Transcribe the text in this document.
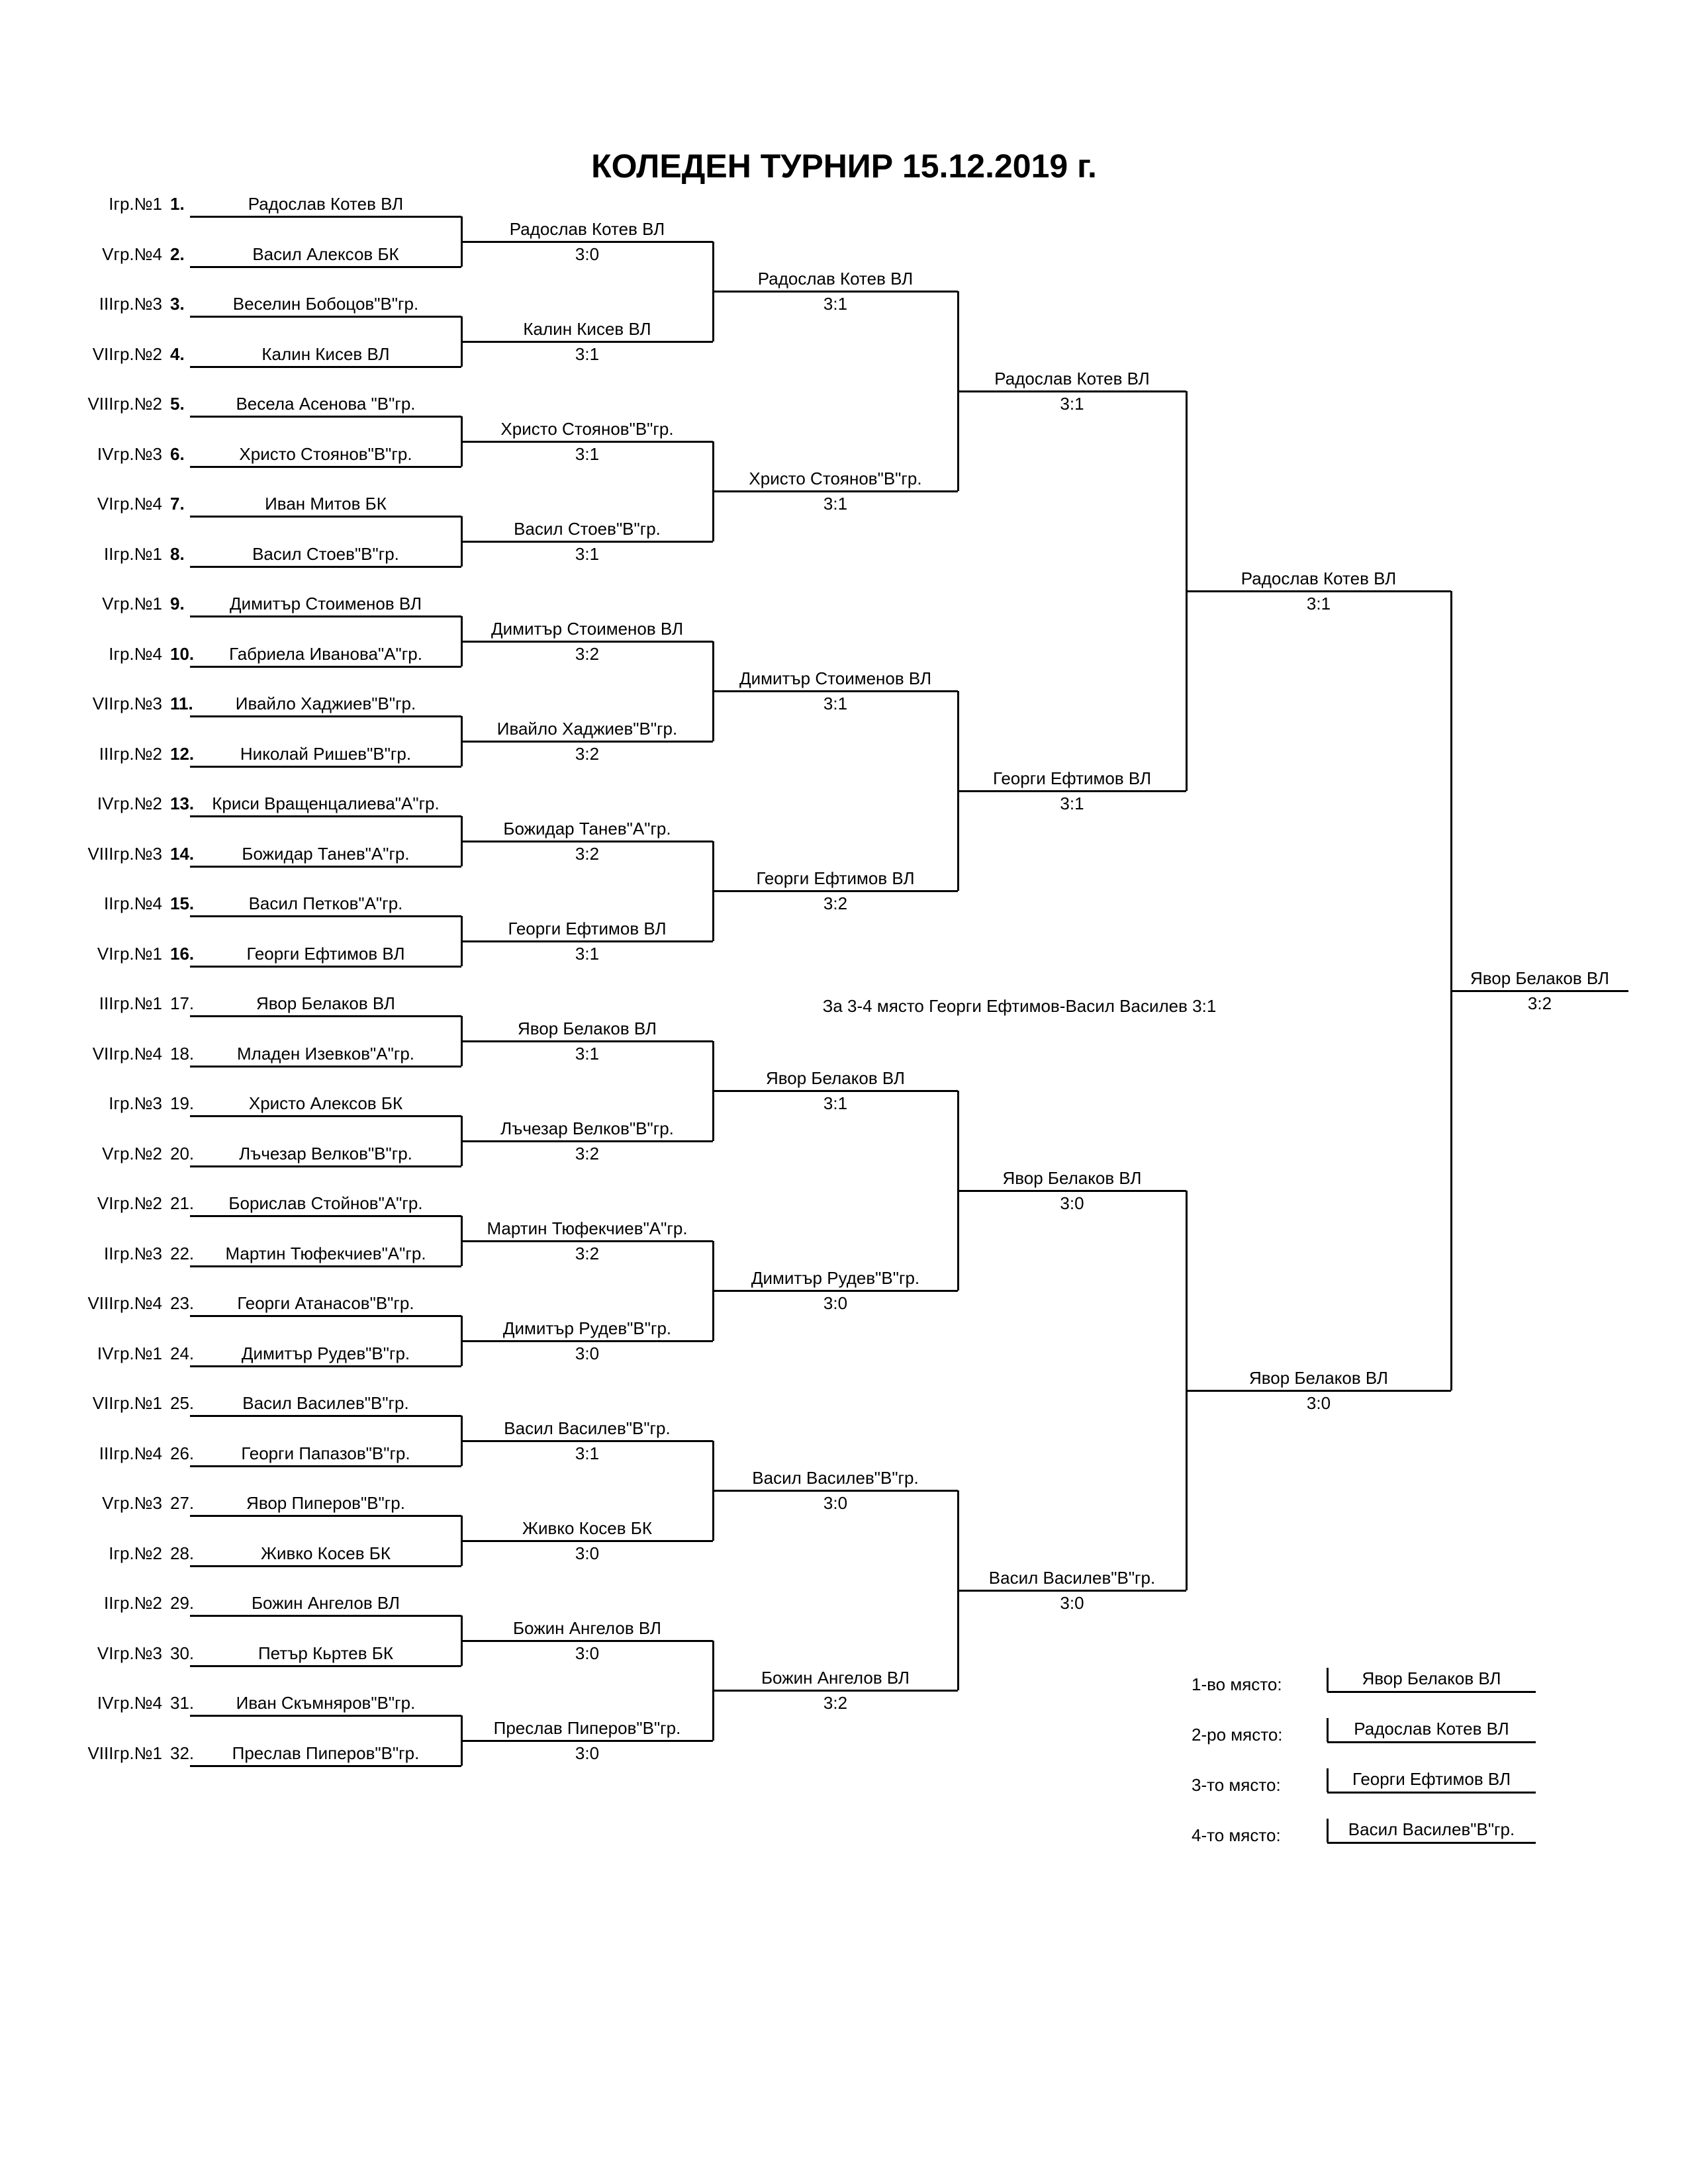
КОЛЕДЕН ТУРНИР 15.12.2019 г.
Iгр.№1 1.	Радослав Котев ВЛ
Vгр.№4 2.	Васил Алексов БК
IIIгр.№3 3.	Веселин Бобоцов"В"гр.
VIIгр.№2 4.	Калин Кисев ВЛ
VIIIгр.№2 5.	Весела Асенова "В"гр.
IVгр.№3 6.	Христо Стоянов"В"гр.
VIгр.№4 7.	Иван Митов БК
IIгр.№1 8.	Васил Стоев"В"гр.
Vгр.№1 9.	Димитър Стоименов ВЛ
Iгр.№4 10.	Габриела Иванова"А"гр.
VIIгр.№3 11.	Ивайло Хаджиев"В"гр.
IIIгр.№2 12.	Николай Ришев"В"гр.
IVгр.№2 13.	Криси Вращенцалиева"А"гр.
VIIIгр.№3 14.	Божидар Танев"А"гр.
IIгр.№4 15.	Васил Петков"А"гр.
VIгр.№1 16.	Георги Ефтимов ВЛ
IIIгр.№1 17.	Явор Белаков ВЛ
VIIгр.№4 18.	Младен Изевков"А"гр.
Iгр.№3 19.	Христо Алексов БК
Vгр.№2 20.	Лъчезар Велков"В"гр.
VIгр.№2 21.	Борислав Стойнов"А"гр.
IIгр.№3 22.	Мартин Тюфекчиев"А"гр.
VIIIгр.№4 23.	Георги Атанасов"В"гр.
IVгр.№1 24.	Димитър Рудев"В"гр.
VIIгр.№1 25.	Васил Василев"В"гр.
IIIгр.№4 26.	Георги Папазов"В"гр.
Vгр.№3 27.	Явор Пиперов"В"гр.
Iгр.№2 28.	Живко Косев БК
IIгр.№2 29.	Божин Ангелов ВЛ
VIгр.№3 30.	Петър Кьртев БК
IVгр.№4 31.	Иван Скъмняров"В"гр.
VIIIгр.№1 32.	Преслав Пиперов"В"гр.
Радослав Котев ВЛ
3:0
Калин Кисев ВЛ
3:1
Христо Стоянов"В"гр.
3:1
Васил Стоев"В"гр.
3:1
Димитър Стоименов ВЛ
3:2
Ивайло Хаджиев"В"гр.
3:2
Божидар Танев"А"гр.
3:2
Георги Ефтимов ВЛ
3:1
Явор Белаков ВЛ
3:1
Лъчезар Велков"В"гр.
3:2
Мартин Тюфекчиев"А"гр.
3:2
Димитър Рудев"В"гр.
3:0
Васил Василев"В"гр.
3:1
Живко Косев БК
3:0
Божин Ангелов ВЛ
3:0
Преслав Пиперов"В"гр.
3:0
Радослав Котев ВЛ
3:1
Христо Стоянов"В"гр.
3:1
Димитър Стоименов ВЛ
3:1
Георги Ефтимов ВЛ
3:2
Явор Белаков ВЛ
3:1
Димитър Рудев"В"гр.
3:0
Васил Василев"В"гр.
3:0
Божин Ангелов ВЛ
3:2
Радослав Котев ВЛ
3:1
Георги Ефтимов ВЛ
3:1
Явор Белаков ВЛ
3:0
Васил Василев"В"гр.
3:0
Радослав Котев ВЛ
3:1
Явор Белаков ВЛ
3:0
Явор Белаков ВЛ
3:2
За 3-4 място Георги Ефтимов-Васил Василев 3:1
1-во място:	Явор Белаков ВЛ
2-ро място:	Радослав Котев ВЛ
3-то място:	Георги Ефтимов ВЛ
4-то място:	Васил Василев"В"гр.
